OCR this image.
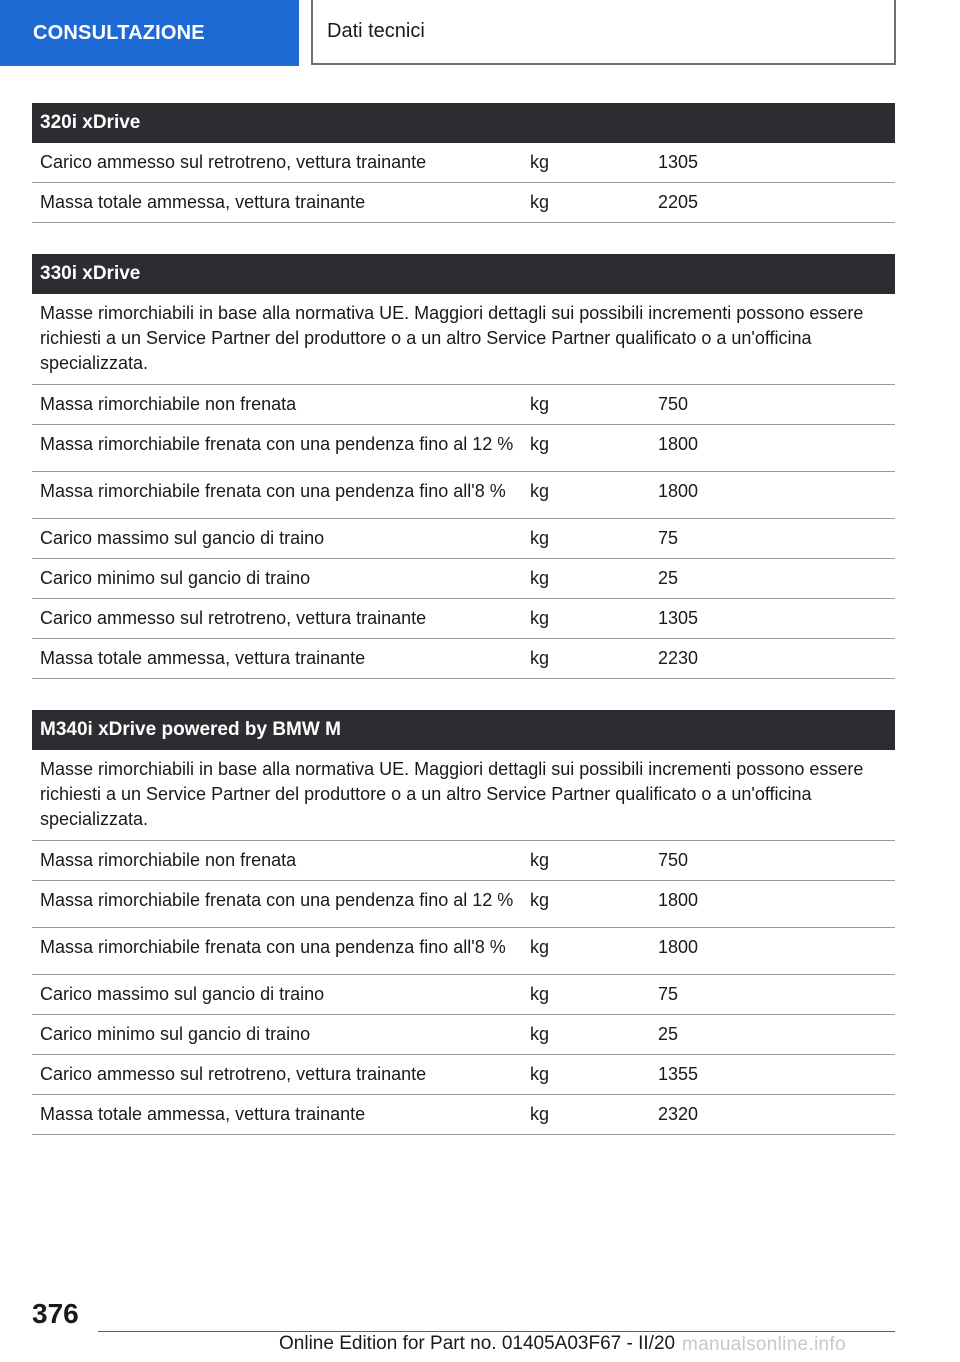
CONSULTAZIONE	Dati tecnici
320i xDrive
Carico ammesso sul retrotreno, vettura trainante	kg	1305
Massa totale ammessa, vettura trainante	kg	2205
330i xDrive
Masse rimorchiabili in base alla normativa UE. Maggiori dettagli sui possibili incrementi possono essere richiesti a un Service Partner del produttore o a un altro Service Partner qualificato o a un'officina specializzata.
Massa rimorchiabile non frenata	kg	750
Massa rimorchiabile frenata con una pendenza fino al 12 % kg	1800
Massa rimorchiabile frenata con una pendenza fino all'8 %	kg	1800
Carico massimo sul gancio di traino	kg	75
Carico minimo sul gancio di traino	kg	25
Carico ammesso sul retrotreno, vettura trainante	kg	1305
Massa totale ammessa, vettura trainante	kg	2230
M340i xDrive powered by BMW M
Masse rimorchiabili in base alla normativa UE. Maggiori dettagli sui possibili incrementi possono essere richiesti a un Service Partner del produttore o a un altro Service Partner qualificato o a un'officina specializzata.
Massa rimorchiabile non frenata	kg	750
Massa rimorchiabile frenata con una pendenza fino al 12 % kg	1800
Massa rimorchiabile frenata con una pendenza fino all'8 %	kg	1800
Carico massimo sul gancio di traino	kg	75
Carico minimo sul gancio di traino	kg	25
Carico ammesso sul retrotreno, vettura trainante	kg	1355
Massa totale ammessa, vettura trainante	kg	2320
376
Online Edition for Part no. 01405A03F67 - II/20 manualsonline.info
